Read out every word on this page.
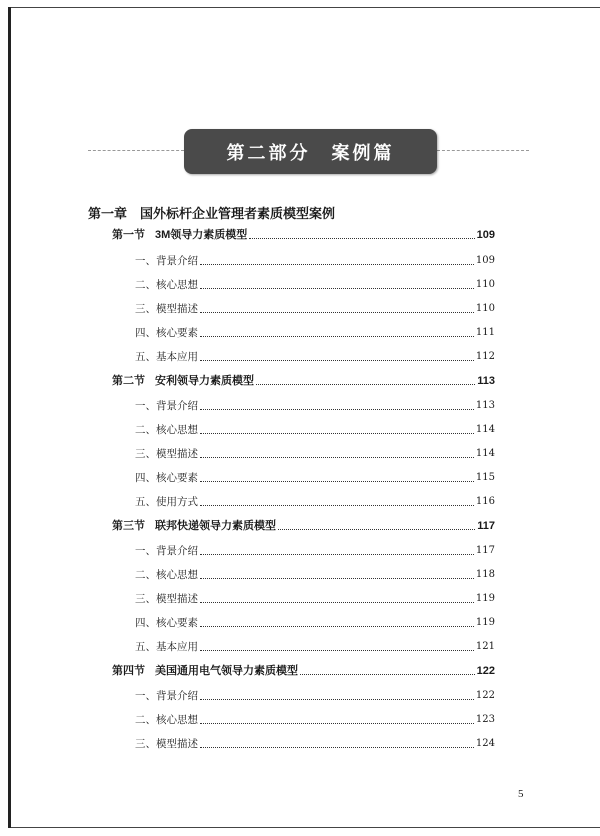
第二部分　案例篇
第一章　国外标杆企业管理者素质模型案例
第一节 3M领导力素质模型	109
一、背景介绍	109
二、核心思想	110
三、模型描述	110
四、核心要素	111
五、基本应用	112
第二节 安利领导力素质模型	113
一、背景介绍	113
二、核心思想	114
三、模型描述	114
四、核心要素	115
五、使用方式	116
第三节 联邦快递领导力素质模型	117
一、背景介绍	117
二、核心思想	118
三、模型描述	119
四、核心要素	119
五、基本应用	121
第四节 美国通用电气领导力素质模型	122
一、背景介绍	122
二、核心思想	123
三、模型描述	124
5
